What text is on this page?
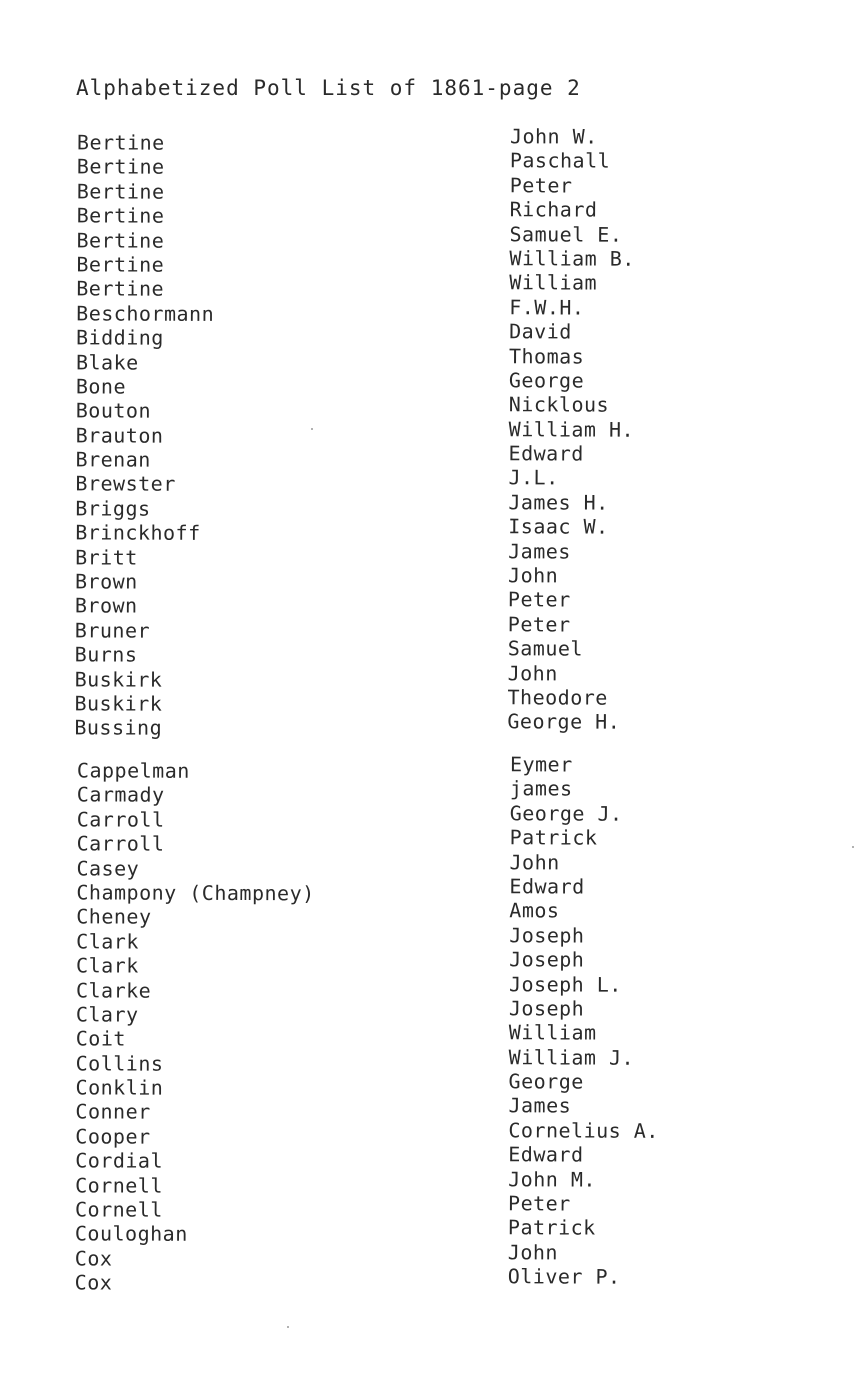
Alphabetized Poll List of 1861-page 2
Bertine	John W.
Bertine	Paschall
Bertine	Peter
Bertine	Richard
Bertine	Samuel E.
Bertine	William B.
Bertine	William
Beschormann	F.W.H.
Bidding	David
Blake	Thomas
Bone	George
Bouton	Nicklous
Brauton	William H.
Brenan	Edward
Brewster	J.L.
Briggs	James H.
Brinckhoff	Isaac W.
Britt	James
Brown	John
Brown	Peter
Bruner	Peter
Burns	Samuel
Buskirk	John
Buskirk	Theodore
Bussing	George H.
Cappelman	Eymer
Carmady	james
Carroll	George J.
Carroll	Patrick
Casey	John
Champony (Champney)	Edward
Cheney	Amos
Clark	Joseph
Clark	Joseph
Clarke	Joseph L.
Clary	Joseph
Coit	William
Collins	William J.
Conklin	George
Conner	James
Cooper	Cornelius A.
Cordial	Edward
Cornell	John M.
Cornell	Peter
Couloghan	Patrick
Cox	John
Cox	Oliver P.
